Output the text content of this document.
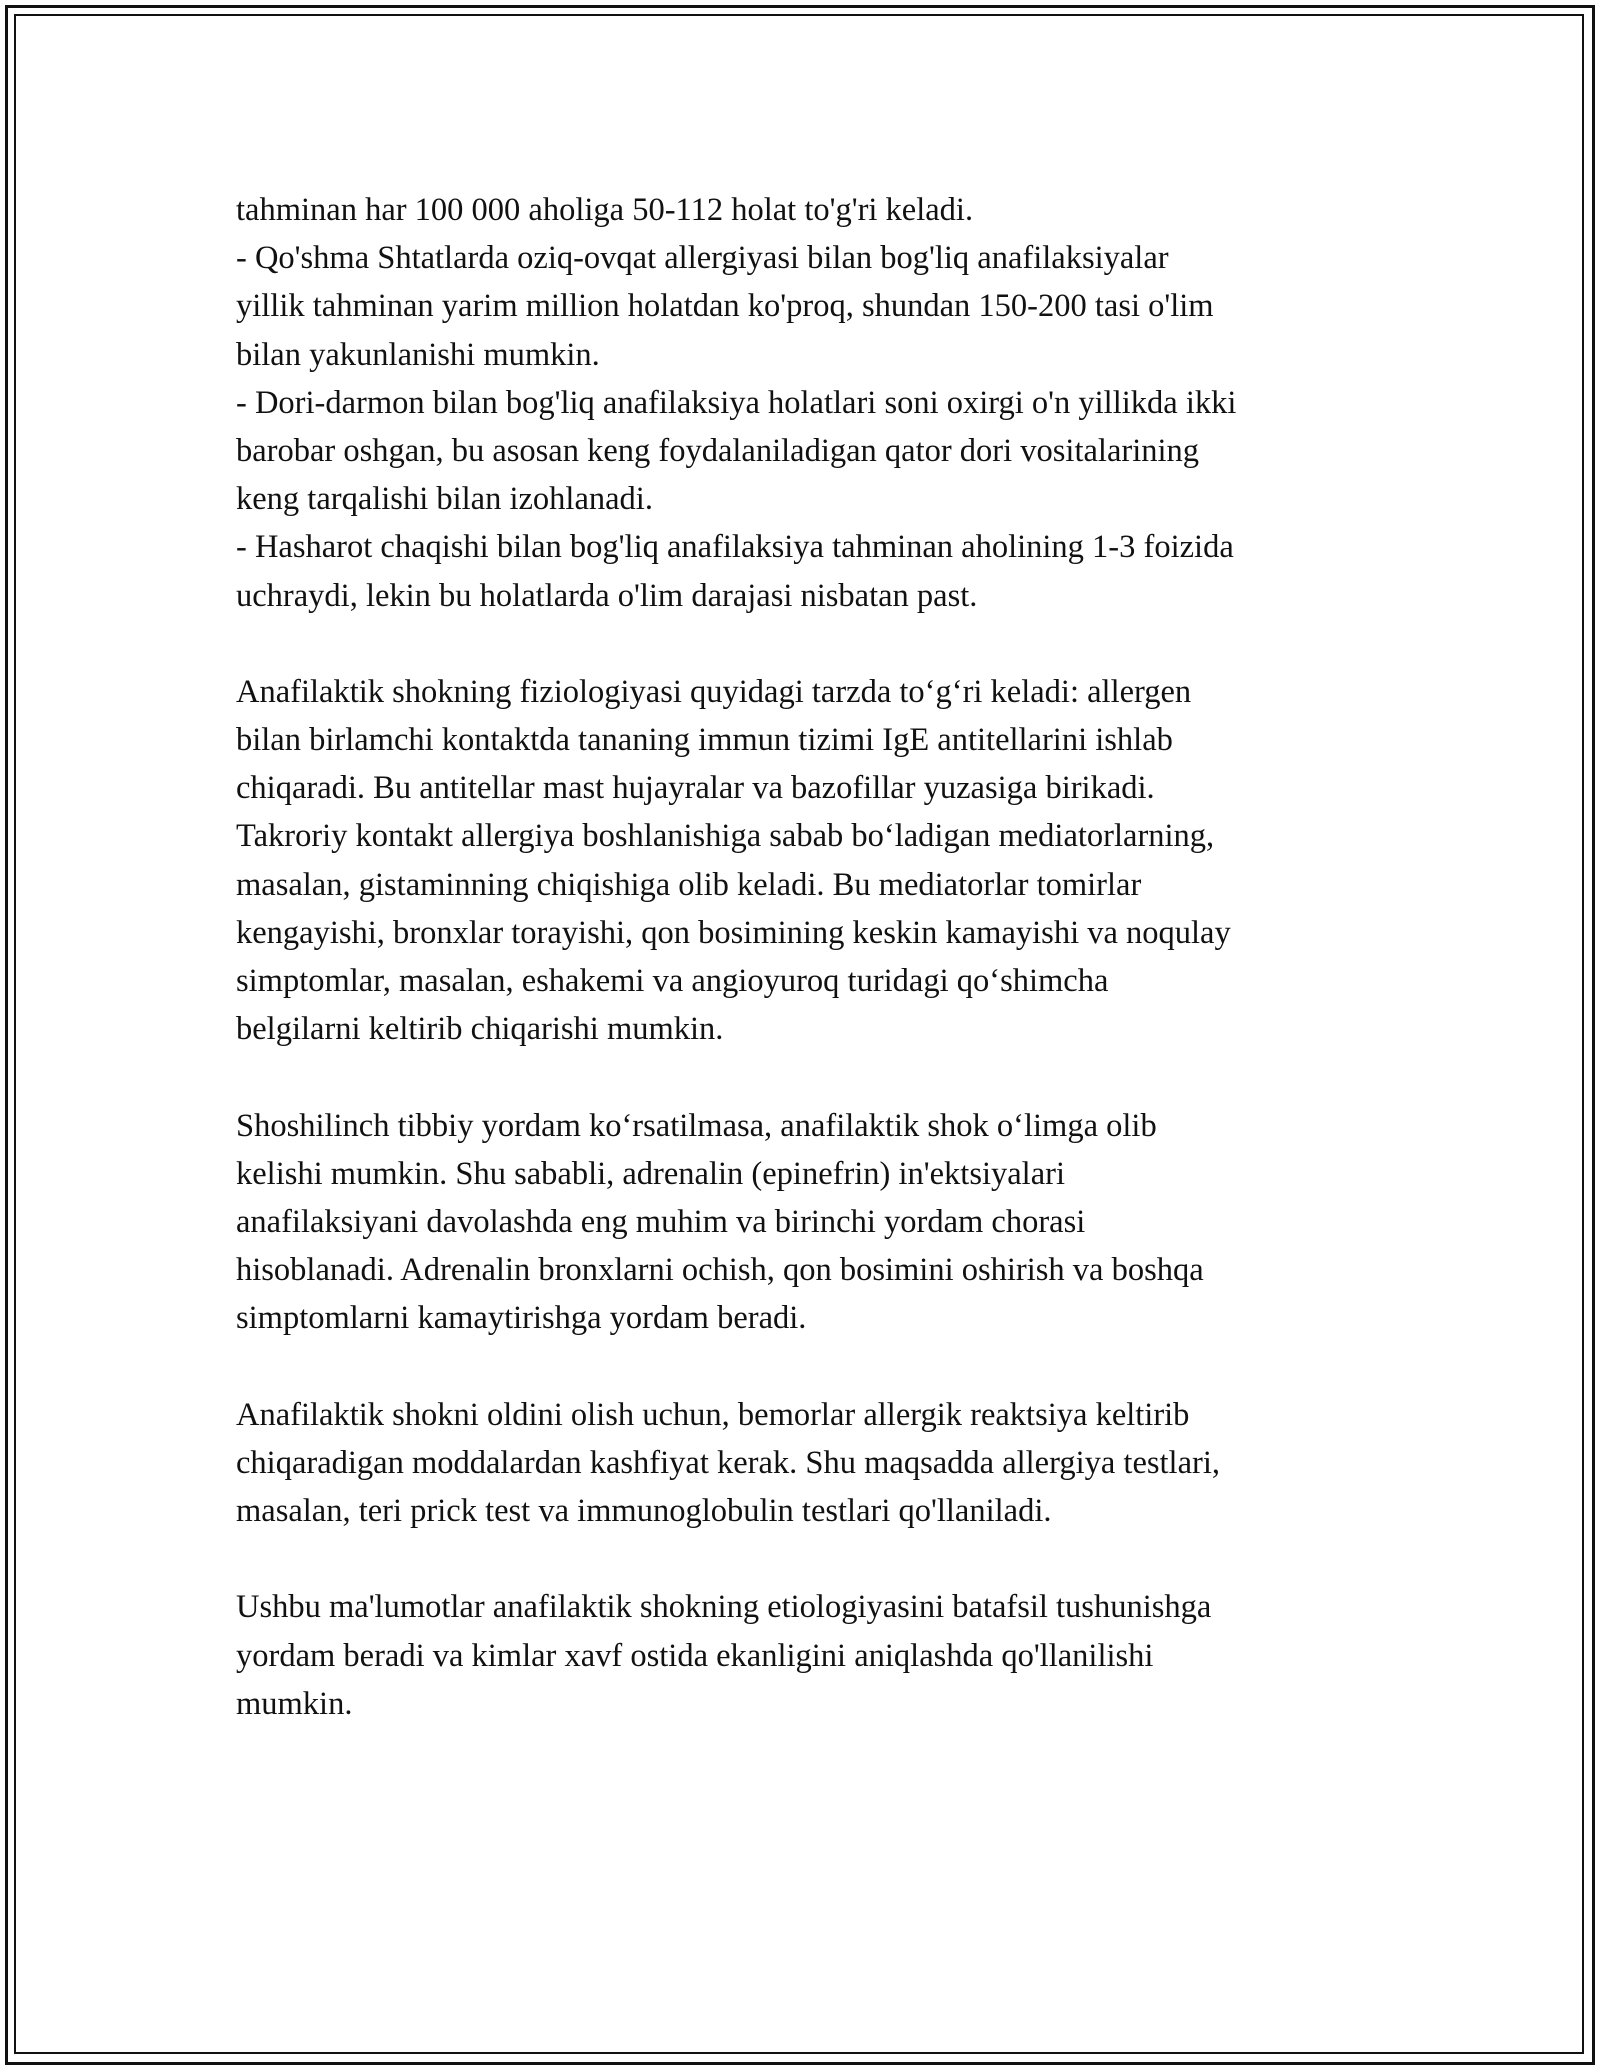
tahminan har 100 000 aholiga 50-112 holat to'g'ri keladi.
- Qo'shma Shtatlarda oziq-ovqat allergiyasi bilan bog'liq anafilaksiyalar
yillik tahminan yarim million holatdan ko'proq, shundan 150-200 tasi o'lim
bilan yakunlanishi mumkin.
- Dori-darmon bilan bog'liq anafilaksiya holatlari soni oxirgi o'n yillikda ikki
barobar oshgan, bu asosan keng foydalaniladigan qator dori vositalarining
keng tarqalishi bilan izohlanadi.
- Hasharot chaqishi bilan bog'liq anafilaksiya tahminan aholining 1-3 foizida
uchraydi, lekin bu holatlarda o'lim darajasi nisbatan past.
Anafilaktik shokning fiziologiyasi quyidagi tarzda to‘g‘ri keladi: allergen
bilan birlamchi kontaktda tananing immun tizimi IgE antitellarini ishlab
chiqaradi. Bu antitellar mast hujayralar va bazofillar yuzasiga birikadi.
Takroriy kontakt allergiya boshlanishiga sabab bo‘ladigan mediatorlarning,
masalan, gistaminning chiqishiga olib keladi. Bu mediatorlar tomirlar
kengayishi, bronxlar torayishi, qon bosimining keskin kamayishi va noqulay
simptomlar, masalan, eshakemi va angioyuroq turidagi qo‘shimcha
belgilarni keltirib chiqarishi mumkin.
Shoshilinch tibbiy yordam ko‘rsatilmasa, anafilaktik shok o‘limga olib
kelishi mumkin. Shu sababli, adrenalin (epinefrin) in'ektsiyalari
anafilaksiyani davolashda eng muhim va birinchi yordam chorasi
hisoblanadi. Adrenalin bronxlarni ochish, qon bosimini oshirish va boshqa
simptomlarni kamaytirishga yordam beradi.
Anafilaktik shokni oldini olish uchun, bemorlar allergik reaktsiya keltirib
chiqaradigan moddalardan kashfiyat kerak. Shu maqsadda allergiya testlari,
masalan, teri prick test va immunoglobulin testlari qo'llaniladi.
Ushbu ma'lumotlar anafilaktik shokning etiologiyasini batafsil tushunishga
yordam beradi va kimlar xavf ostida ekanligini aniqlashda qo'llanilishi
mumkin.
